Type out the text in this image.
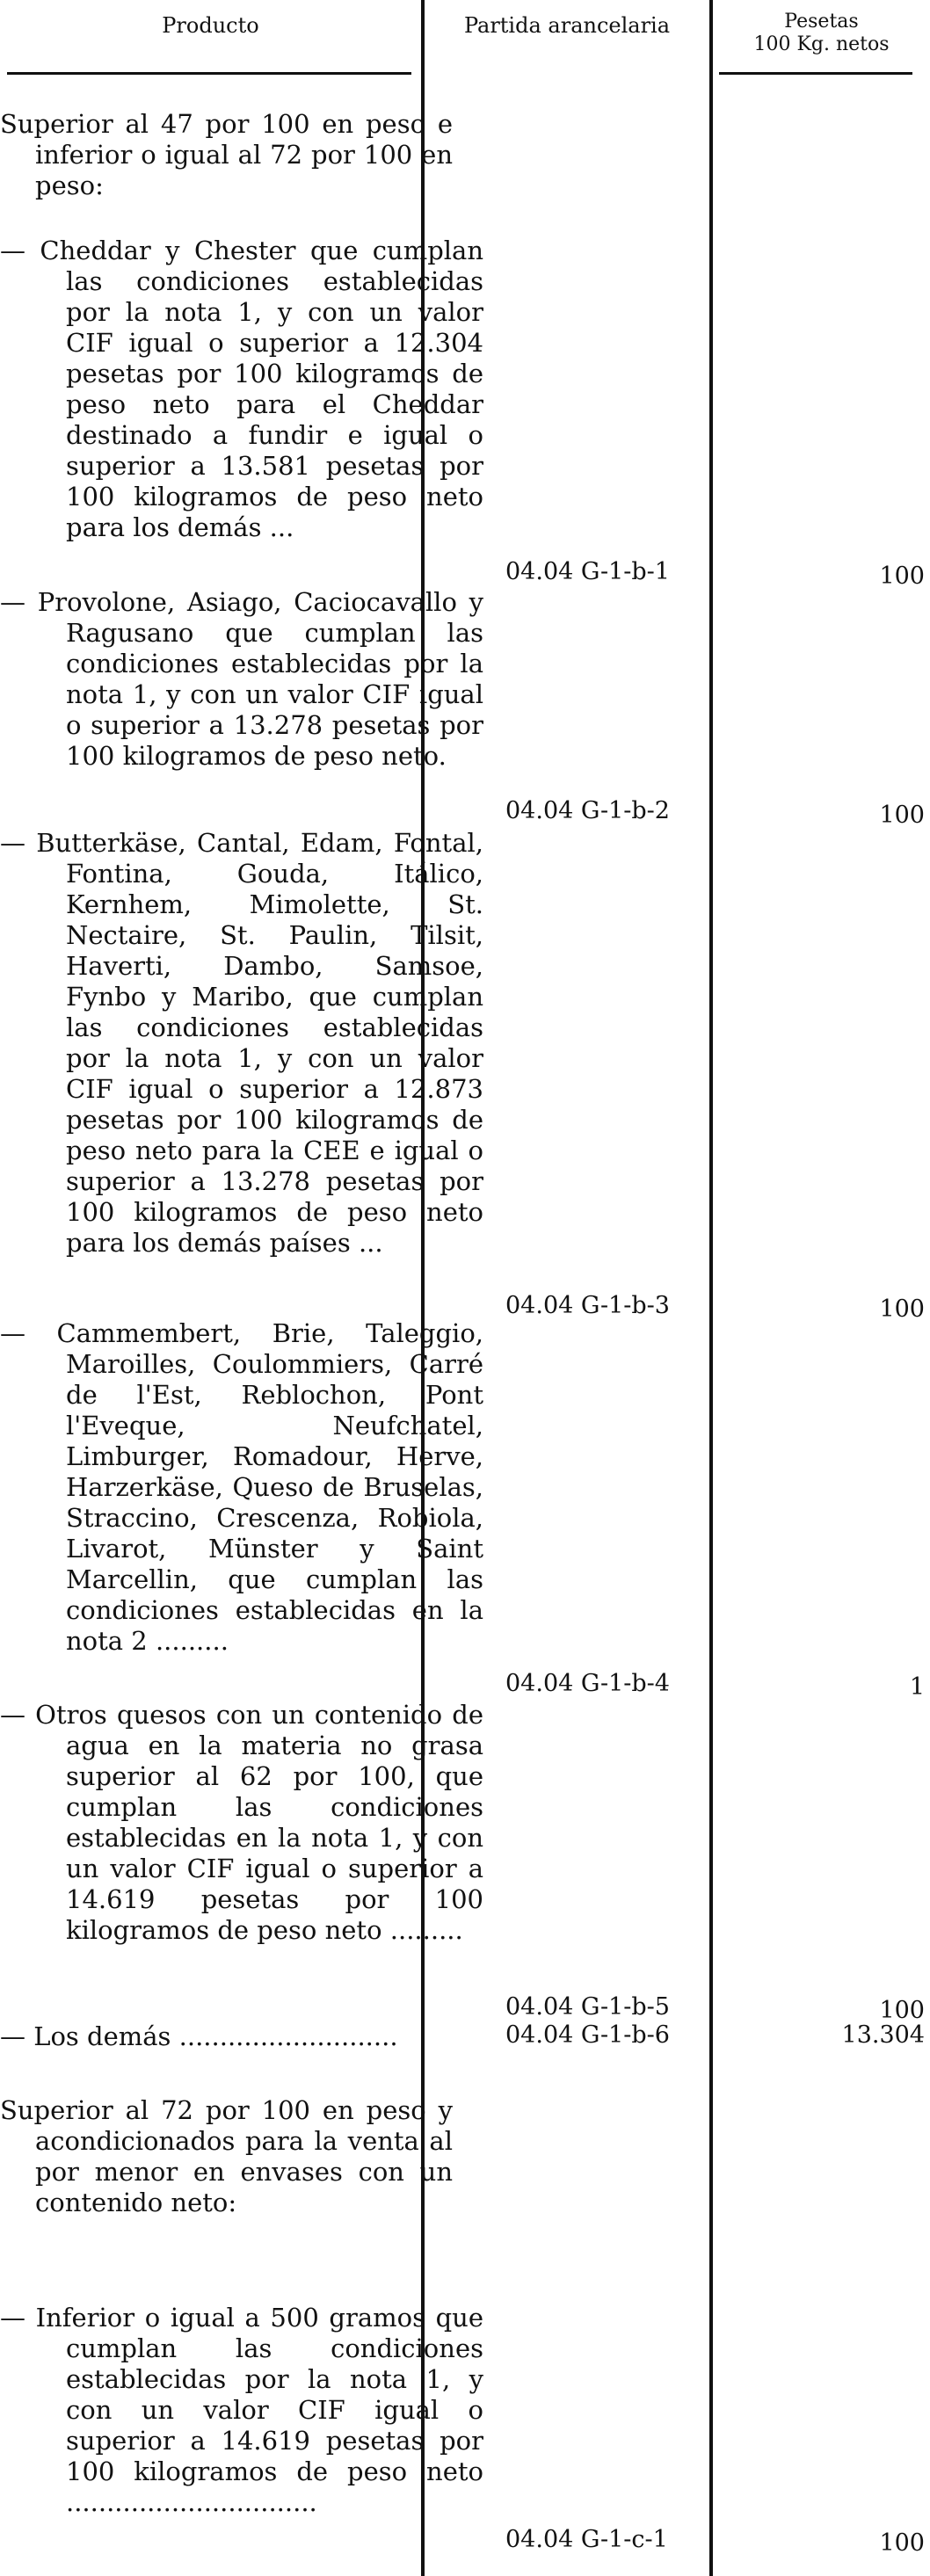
Producto	Partida arancelaria	Pesetas
100 Kg. netos
Superior al 47 por 100 en peso e inferior o igual al 72 por 100 en peso:
— Cheddar y Chester que cumplan las condiciones establecidas por la nota 1, y con un valor CIF igual o superior a 12.304 pesetas por 100 kilogramos de peso neto para el Cheddar destinado a fundir e igual o superior a 13.581 pesetas por 100 kilogramos de peso neto para los demás ...
04.04 G-1-b-1	100
— Provolone, Asiago, Caciocavallo y Ragusano que cumplan las condiciones establecidas por la nota 1, y con un valor CIF igual o superior a 13.278 pesetas por 100 kilogramos de peso neto.
04.04 G-1-b-2	100
— Butterkäse, Cantal, Edam, Fontal, Fontina, Gouda, Itálico, Kernhem, Mimolette, St. Nectaire, St. Paulin, Tilsit, Haverti, Dambo, Samsoe, Fynbo y Maribo, que cumplan las condiciones establecidas por la nota 1, y con un valor CIF igual o superior a 12.873 pesetas por 100 kilogramos de peso neto para la CEE e igual o superior a 13.278 pesetas por 100 kilogramos de peso neto para los demás países ...
04.04 G-1-b-3	100
— Cammembert, Brie, Taleggio, Maroilles, Coulommiers, Carré de l'Est, Reblochon, Pont l'Eveque, Neufchatel, Limburger, Romadour, Herve, Harzerkäse, Queso de Bruselas, Straccino, Crescenza, Robiola, Livarot, Münster y Saint Marcellin, que cumplan las condiciones establecidas en la nota 2 .........
04.04 G-1-b-4	1
— Otros quesos con un contenido de agua en la materia no grasa superior al 62 por 100, que cumplan las condiciones establecidas en la nota 1, y con un valor CIF igual o superior a 14.619 pesetas por 100 kilogramos de peso neto .........
04.04 G-1-b-5	100
— Los demás ...........................	04.04 G-1-b-6	13.304
Superior al 72 por 100 en peso y acondicionados para la venta al por menor en envases con un contenido neto:
— Inferior o igual a 500 gramos que cumplan las condiciones establecidas por la nota 1, y con un valor CIF igual o superior a 14.619 pesetas por 100 kilogramos de peso neto ...............................
04.04 G-1-c-1	100
